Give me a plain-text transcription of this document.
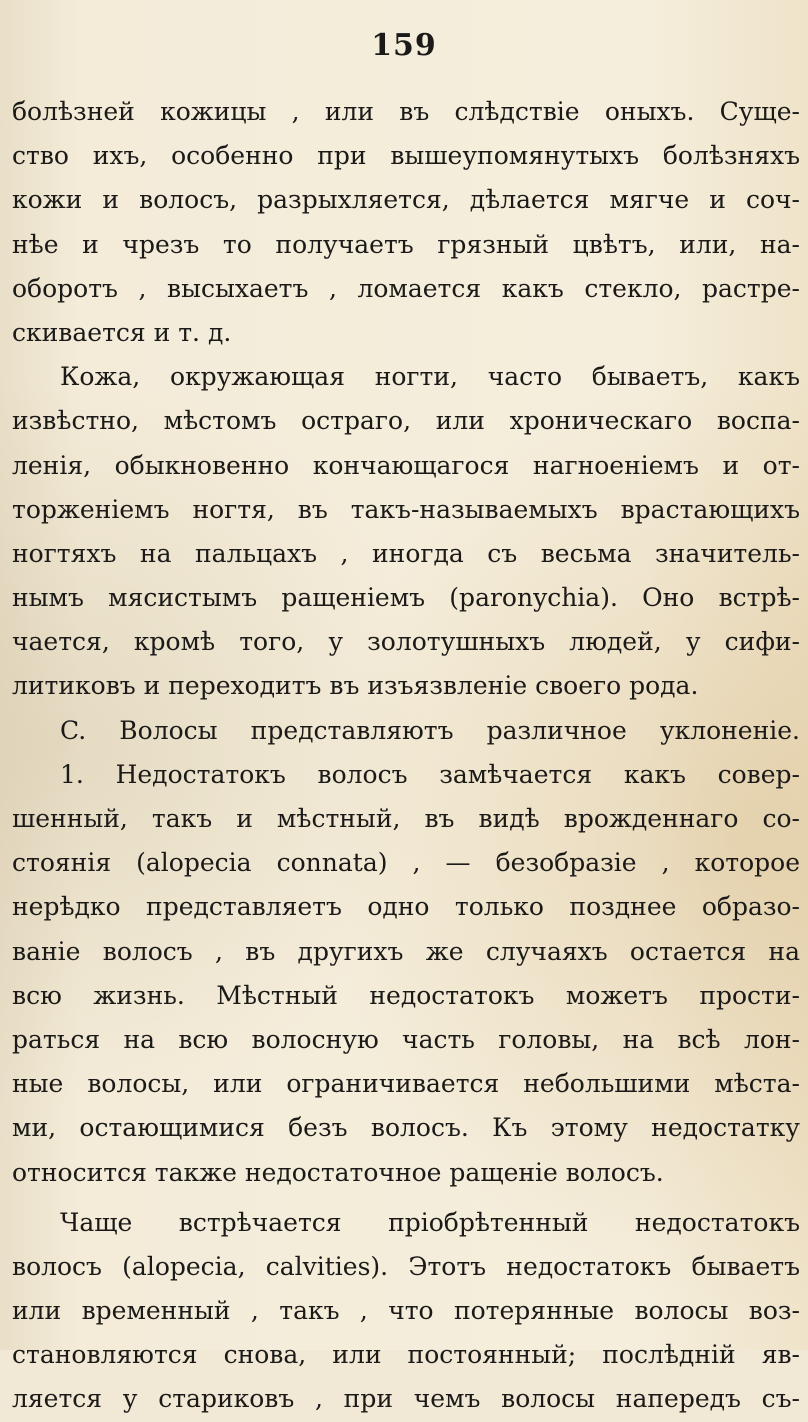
159
болѣзней кожицы , или въ слѣдствіе оныхъ. Суще-
ство ихъ, особенно при вышеупомянутыхъ болѣзняхъ
кожи и волосъ, разрыхляется, дѣлается мягче и соч-
нѣе и чрезъ то получаетъ грязный цвѣтъ, или, на-
оборотъ , высыхаетъ , ломается какъ стекло, растре-
скивается и т. д.
Кожа, окружающая ногти, часто бываетъ, какъ
извѣстно, мѣстомъ остраго, или хроническаго воспа-
ленія, обыкновенно кончающагося нагноеніемъ и от-
торженіемъ ногтя, въ такъ-называемыхъ врастающихъ
ногтяхъ на пальцахъ , иногда съ весьма значитель-
нымъ мясистымъ ращеніемъ (paronychia). Оно встрѣ-
чается, кромѣ того, у золотушныхъ людей, у сифи-
литиковъ и переходитъ въ изъязвленіе своего рода.
C. Волосы представляютъ различное уклоненіе.
1. Недостатокъ волосъ замѣчается какъ совер-
шенный, такъ и мѣстный, въ видѣ врожденнаго со-
стоянія (alopecia connata) , — безобразіе , которое
нерѣдко представляетъ одно только позднее образо-
ваніе волосъ , въ другихъ же случаяхъ остается на
всю жизнь. Мѣстный недостатокъ можетъ прости-
раться на всю волосную часть головы, на всѣ лон-
ные волосы, или ограничивается небольшими мѣста-
ми, остающимися безъ волосъ. Къ этому недостатку
относится также недостаточное ращеніе волосъ.
Чаще встрѣчается пріобрѣтенный недостатокъ
волосъ (alopecia, calvities). Этотъ недостатокъ бываетъ
или временный , такъ , что потерянные волосы воз-
становляются снова, или постоянный; послѣдній яв-
ляется у стариковъ , при чемъ волосы напередъ съ-
